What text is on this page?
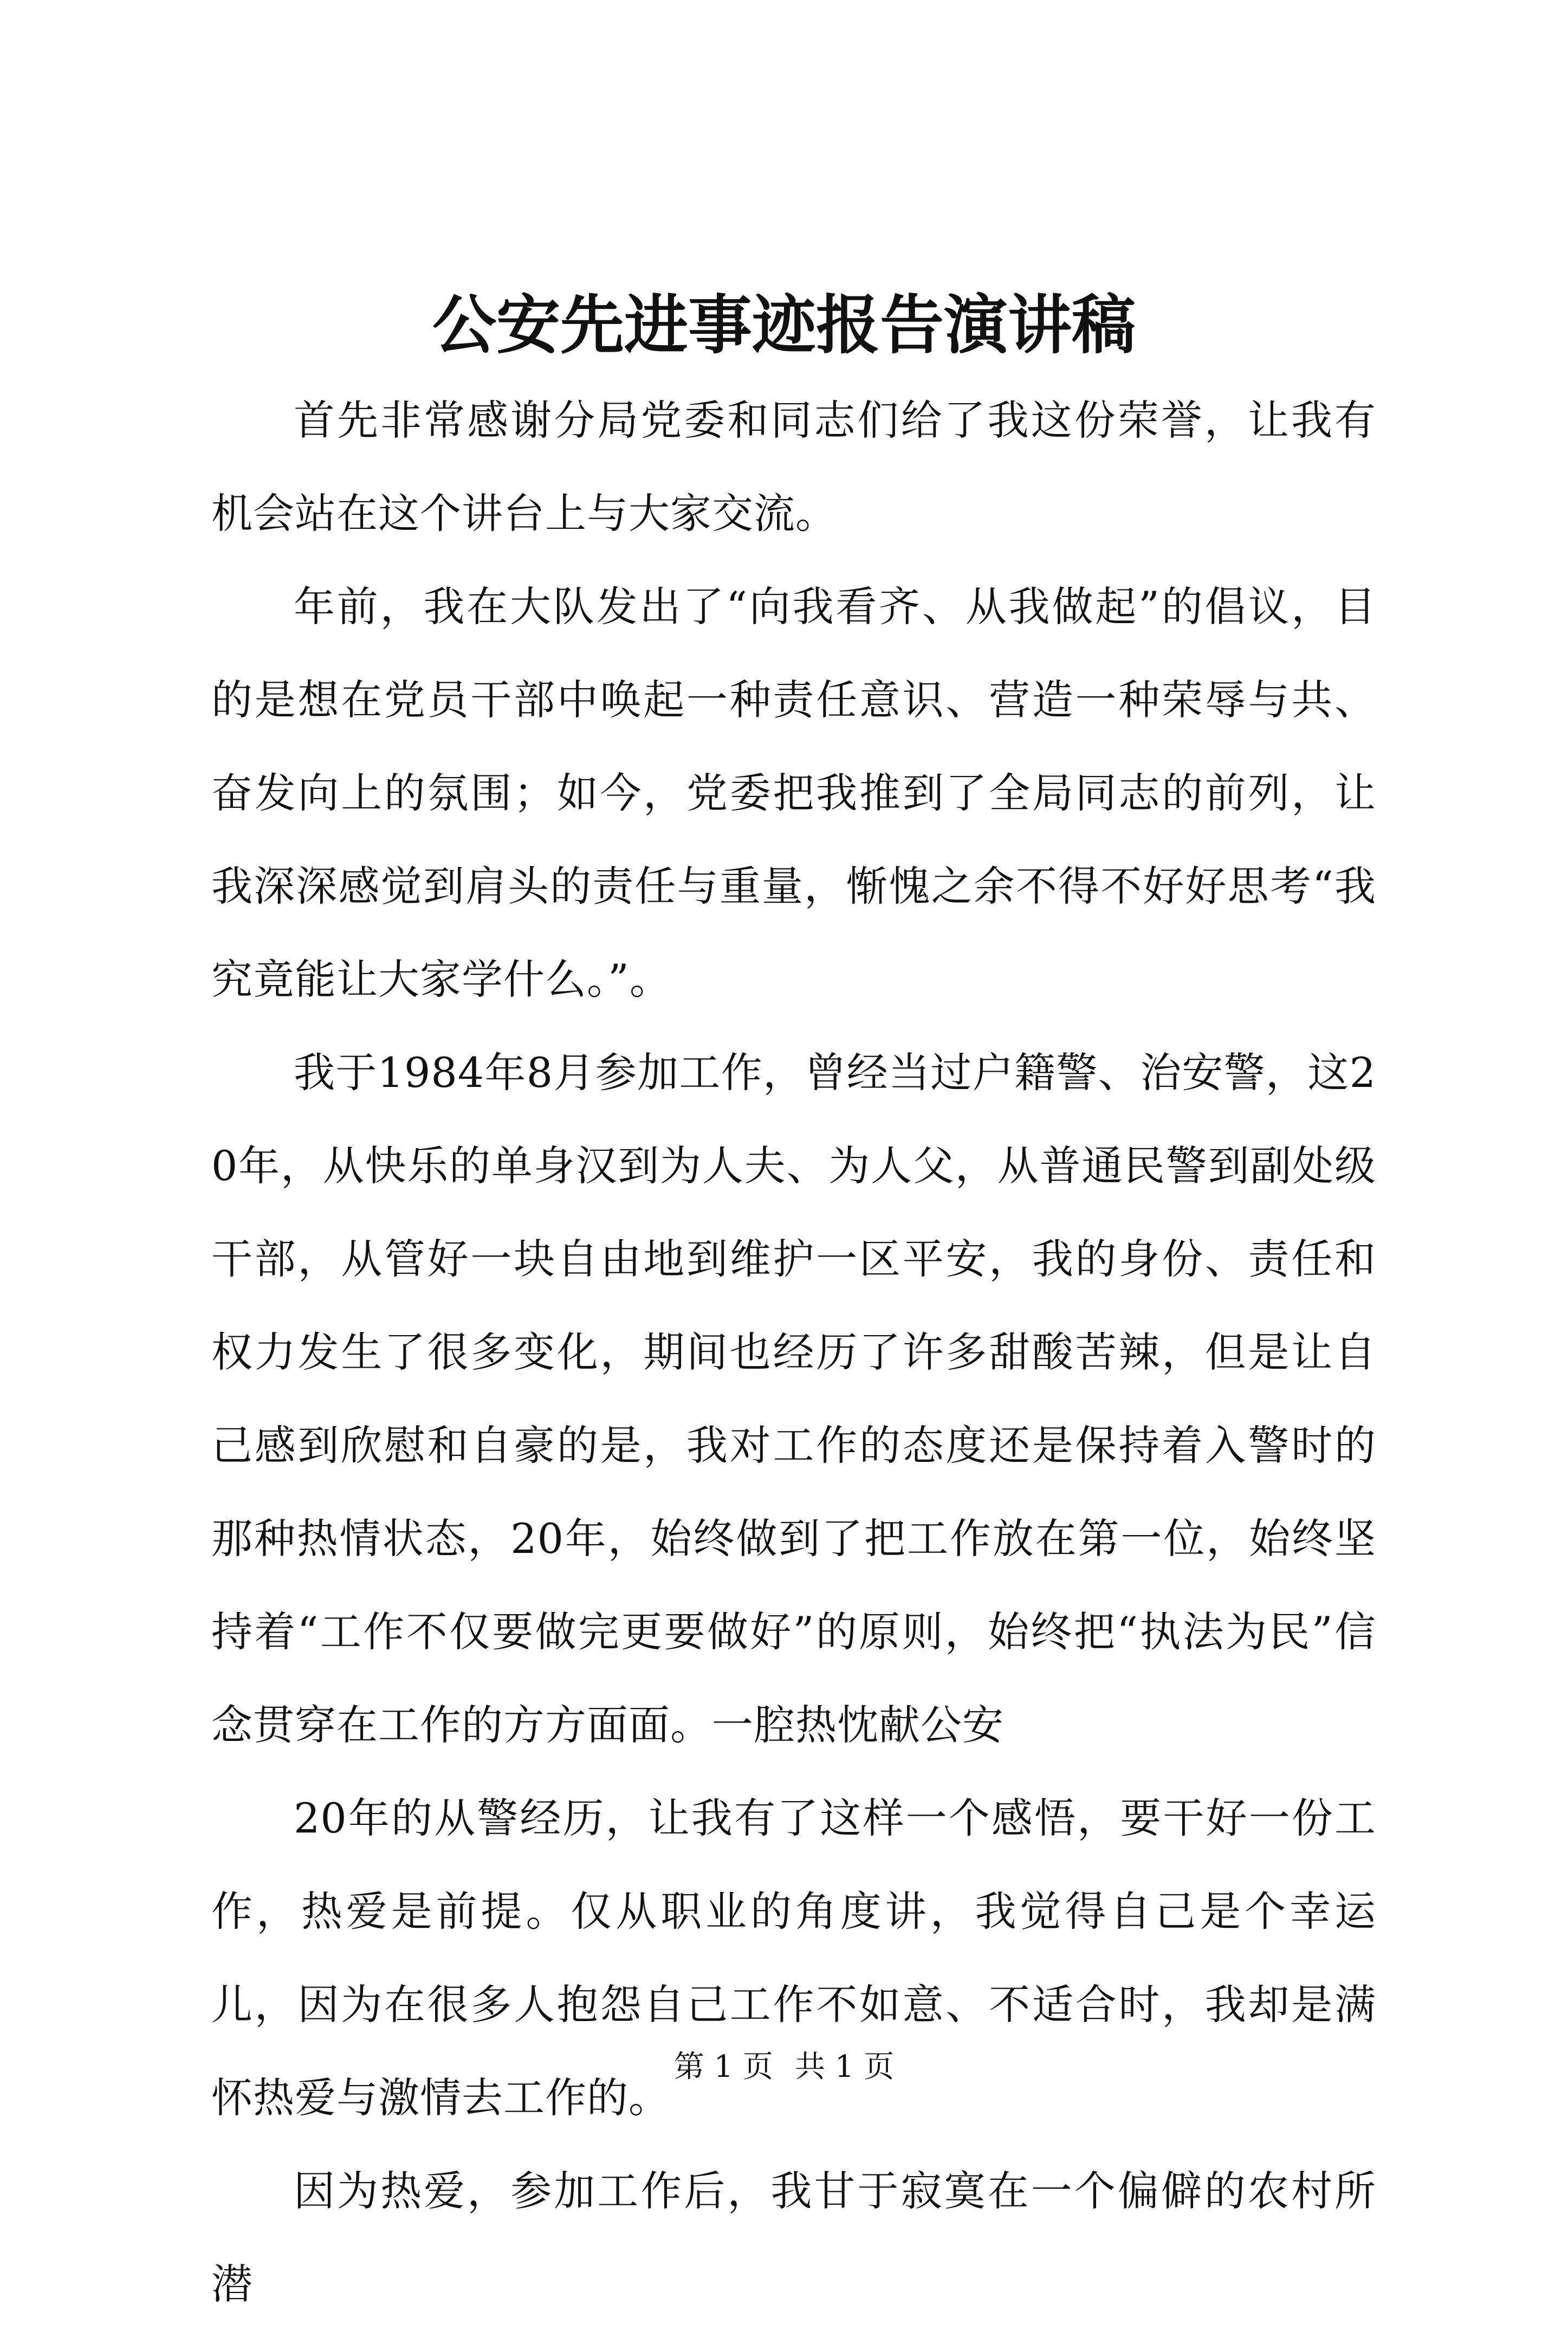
公安先进事迹报告演讲稿

首先非常感谢分局党委和同志们给了我这份荣誉，让我有机会站在这个讲台上与大家交流。

年前，我在大队发出了“向我看齐、从我做起”的倡议，目的是想在党员干部中唤起一种责任意识、营造一种荣辱与共、奋发向上的氛围；如今，党委把我推到了全局同志的前列，让我深深感觉到肩头的责任与重量，惭愧之余不得不好好思考“我究竟能让大家学什么。”。

我于1984年8月参加工作，曾经当过户籍警、治安警，这20年，从快乐的单身汉到为人夫、为人父，从普通民警到副处级干部，从管好一块自由地到维护一区平安，我的身份、责任和权力发生了很多变化，期间也经历了许多甜酸苦辣，但是让自己感到欣慰和自豪的是，我对工作的态度还是保持着入警时的那种热情状态，20年，始终做到了把工作放在第一位，始终坚持着“工作不仅要做完更要做好”的原则，始终把“执法为民”信念贯穿在工作的方方面面。一腔热忱献公安

20年的从警经历，让我有了这样一个感悟，要干好一份工作，热爱是前提。仅从职业的角度讲，我觉得自己是个幸运儿，因为在很多人抱怨自己工作不如意、不适合时，我却是满怀热爱与激情去工作的。

因为热爱，参加工作后，我甘于寂寞在一个偏僻的农村所潜

第 1 页 共 1 页
